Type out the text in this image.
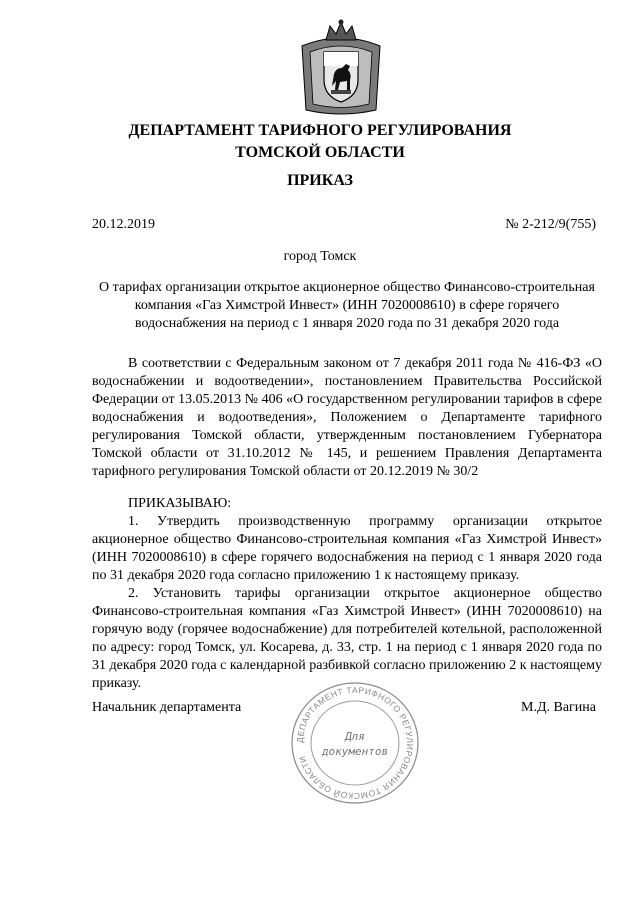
ДЕПАРТАМЕНТ ТАРИФНОГО РЕГУЛИРОВАНИЯ
ТОМСКОЙ ОБЛАСТИ
ПРИКАЗ
20.12.2019	№ 2-212/9(755)
город Томск
О тарифах организации открытое акционерное общество Финансово-строительная компания «Газ Химстрой Инвест» (ИНН 7020008610) в сфере горячего водоснабжения на период с 1 января 2020 года по 31 декабря 2020 года

В соответствии с Федеральным законом от 7 декабря 2011 года № 416-ФЗ «О водоснабжении и водоотведении», постановлением Правительства Российской Федерации от 13.05.2013 № 406 «О государственном регулировании тарифов в сфере водоснабжения и водоотведения», Положением о Департаменте тарифного регулирования Томской области, утвержденным постановлением Губернатора Томской области от 31.10.2012 № 145, и решением Правления Департамента тарифного регулирования Томской области от 20.12.2019 № 30/2

ПРИКАЗЫВАЮ:

1. Утвердить производственную программу организации открытое акционерное общество Финансово-строительная компания «Газ Химстрой Инвест» (ИНН 7020008610) в сфере горячего водоснабжения на период с 1 января 2020 года по 31 декабря 2020 года согласно приложению 1 к настоящему приказу.

2. Установить тарифы организации открытое акционерное общество Финансово-строительная компания «Газ Химстрой Инвест» (ИНН 7020008610) на горячую воду (горячее водоснабжение) для потребителей котельной, расположенной по адресу: город Томск, ул. Косарева, д. 33, стр. 1 на период с 1 января 2020 года по 31 декабря 2020 года с календарной разбивкой согласно приложению 2 к настоящему приказу.

Начальник департамента	М.Д. Вагина
ДЕПАРТАМЕНТ ТАРИФНОГО РЕГУЛИРОВАНИЯ ТОМСКОЙ ОБЛАСТИ
Для
документов
